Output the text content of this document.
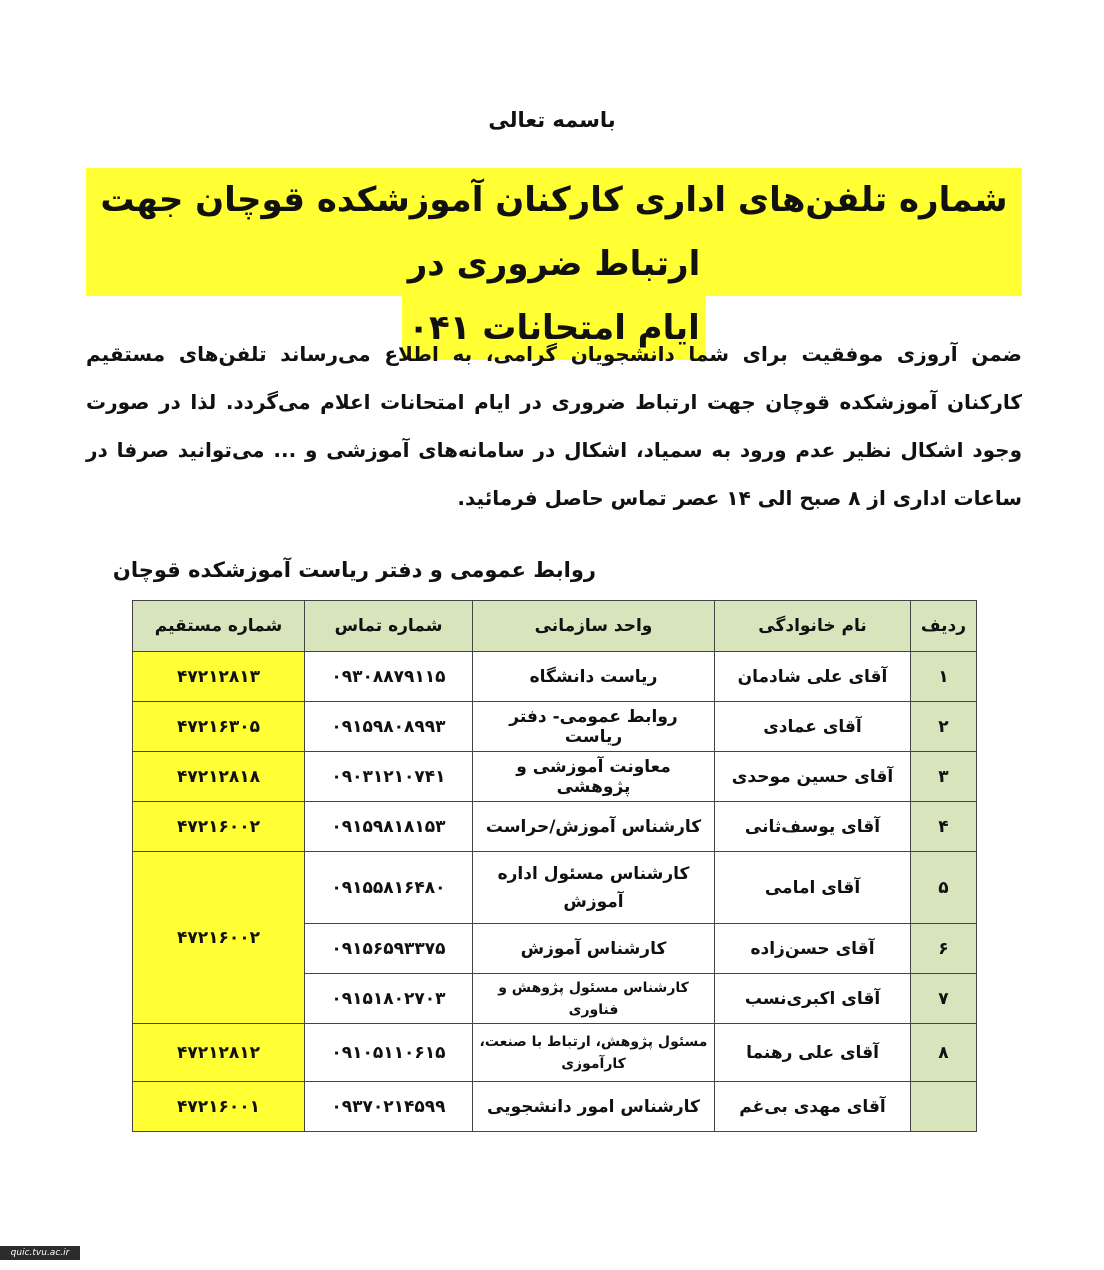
باسمه تعالی
شماره تلفن‌های اداری کارکنان آموزشکده قوچان جهت ارتباط ضروری در
ایام امتحانات ۰۴۱
ضمن آروزی موفقیت برای شما دانشجویان گرامی، به اطلاع می‌رساند تلفن‌های مستقیم کارکنان آموزشکده قوچان جهت ارتباط ضروری در ایام امتحانات اعلام می‌گردد. لذا در صورت وجود اشکال نظیر عدم ورود به سمیاد، اشکال در سامانه‌های آموزشی و ... می‌توانید صرفا در ساعات اداری از ۸ صبح الی ۱۴ عصر تماس حاصل فرمائید.
روابط عمومی و دفتر ریاست آموزشکده قوچان
ردیف	نام خانوادگی	واحد سازمانی	شماره تماس	شماره مستقیم
۱	آقای علی شادمان	ریاست دانشگاه	۰۹۳۰۸۸۷۹۱۱۵	۴۷۲۱۲۸۱۳
۲	آقای عمادی	روابط عمومی- دفتر ریاست	۰۹۱۵۹۸۰۸۹۹۳	۴۷۲۱۶۳۰۵
۳	آقای حسین موحدی	معاونت آموزشی و پژوهشی	۰۹۰۳۱۲۱۰۷۴۱	۴۷۲۱۲۸۱۸
۴	آقای یوسف‌ثانی	کارشناس آموزش/حراست	۰۹۱۵۹۸۱۸۱۵۳	۴۷۲۱۶۰۰۲
۵	آقای امامی	کارشناس مسئول اداره آموزش	۰۹۱۵۵۸۱۶۴۸۰	۴۷۲۱۶۰۰۲
۶	آقای حسن‌زاده	کارشناس آموزش	۰۹۱۵۶۵۹۳۳۷۵	
۷	آقای اکبری‌نسب	کارشناس مسئول پژوهش و فناوری	۰۹۱۵۱۸۰۲۷۰۳	
۸	آقای علی رهنما	مسئول پژوهش، ارتباط با صنعت، کارآموزی	۰۹۱۰۵۱۱۰۶۱۵	۴۷۲۱۲۸۱۲
	آقای مهدی بی‌غم	کارشناس امور دانشجویی	۰۹۳۷۰۲۱۴۵۹۹	۴۷۲۱۶۰۰۱
quic.tvu.ac.ir
